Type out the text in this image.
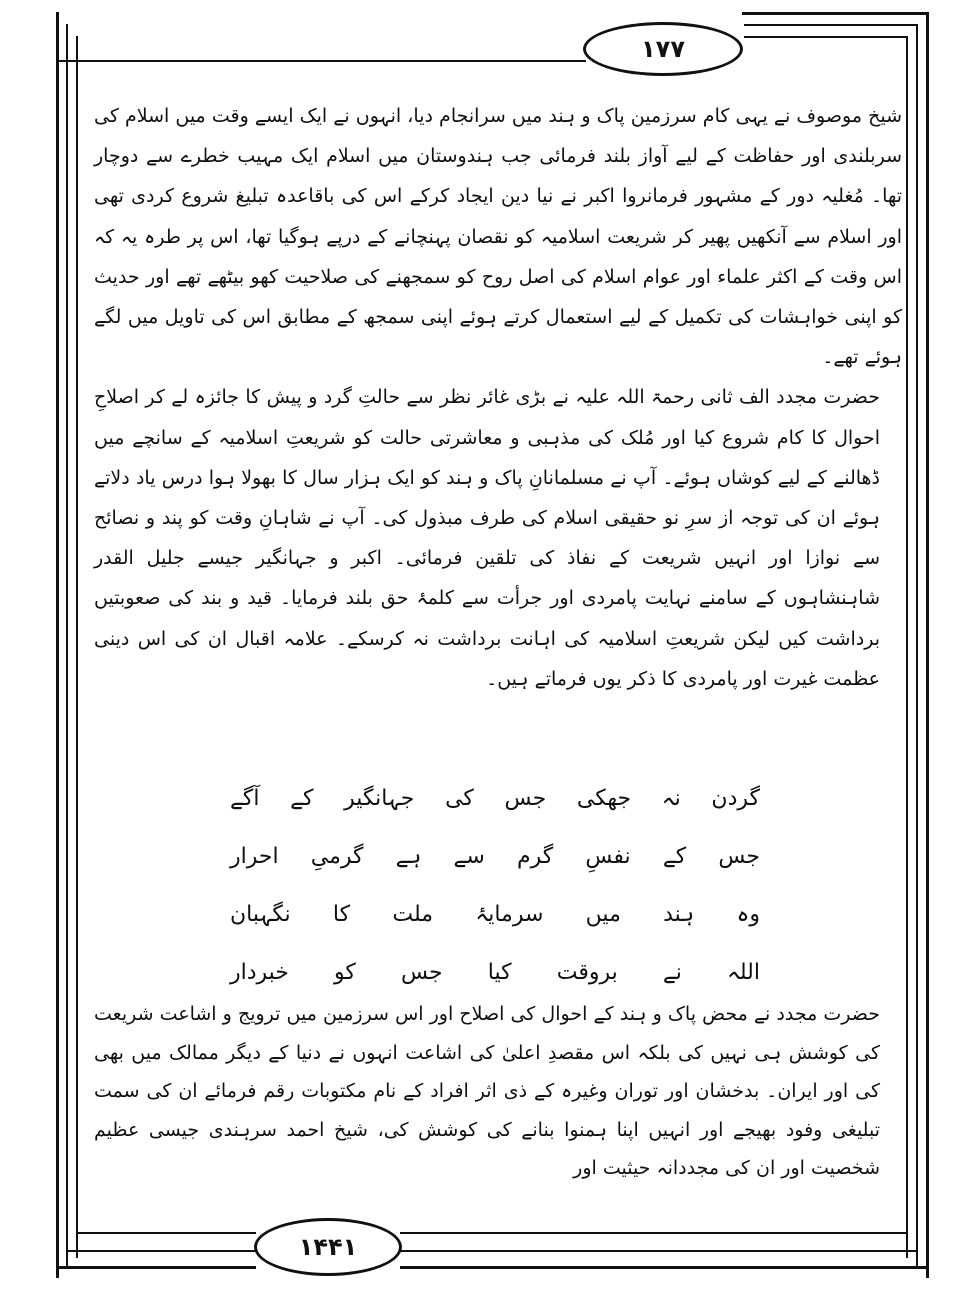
۱۷۷

شیخ موصوف نے یہی کام سرزمین پاک و ہند میں سرانجام دیا، انہوں نے ایک ایسے وقت میں اسلام کی سربلندی اور حفاظت کے لیے آواز بلند فرمائی جب ہندوستان میں اسلام ایک مہیب خطرے سے دوچار تھا۔ مُغلیہ دور کے مشہور فرمانروا اکبر نے نیا دین ایجاد کرکے اس کی باقاعدہ تبلیغ شروع کردی تھی اور اسلام سے آنکھیں پھیر کر شریعت اسلامیہ کو نقصان پہنچانے کے درپے ہوگیا تھا، اس پر طرہ یہ کہ اس وقت کے اکثر علماء اور عوام اسلام کی اصل روح کو سمجھنے کی صلاحیت کھو بیٹھے تھے اور حدیث کو اپنی خواہشات کی تکمیل کے لیے استعمال کرتے ہوئے اپنی سمجھ کے مطابق اس کی تاویل میں لگے ہوئے تھے۔

حضرت مجدد الف ثانی رحمۃ اللہ علیہ نے بڑی غائر نظر سے حالتِ گرد و پیش کا جائزہ لے کر اصلاحِ احوال کا کام شروع کیا اور مُلک کی مذہبی و معاشرتی حالت کو شریعتِ اسلامیہ کے سانچے میں ڈھالنے کے لیے کوشاں ہوئے۔ آپ نے مسلمانانِ پاک و ہند کو ایک ہزار سال کا بھولا ہوا درس یاد دلاتے ہوئے ان کی توجہ از سرِ نو حقیقی اسلام کی طرف مبذول کی۔ آپ نے شاہانِ وقت کو پند و نصائح سے نوازا اور انہیں شریعت کے نفاذ کی تلقین فرمائی۔ اکبر و جہانگیر جیسے جلیل القدر شاہنشاہوں کے سامنے نہایت پامردی اور جرأت سے کلمۂ حق بلند فرمایا۔ قید و بند کی صعوبتیں برداشت کیں لیکن شریعتِ اسلامیہ کی اہانت برداشت نہ کرسکے۔ علامہ اقبال ان کی اس دینی عظمت غیرت اور پامردی کا ذکر یوں فرماتے ہیں۔

گردن نہ جھکی جس کی جہانگیر کے آگے
جس کے نفسِ گرم سے ہے گرمیِ احرار
وہ ہند میں سرمایۂ ملت کا نگہبان
اللہ نے بروقت کیا جس کو خبردار

حضرت مجدد نے محض پاک و ہند کے احوال کی اصلاح اور اس سرزمین میں ترویج و اشاعت شریعت کی کوشش ہی نہیں کی بلکہ اس مقصدِ اعلیٰ کی اشاعت انہوں نے دنیا کے دیگر ممالک میں بھی کی اور ایران۔ بدخشان اور توران وغیرہ کے ذی اثر افراد کے نام مکتوبات رقم فرمائے ان کی سمت تبلیغی وفود بھیجے اور انہیں اپنا ہمنوا بنانے کی کوشش کی، شیخ احمد سرہندی جیسی عظیم شخصیت اور ان کی مجددانہ حیثیت اور

۱۴۴۱
